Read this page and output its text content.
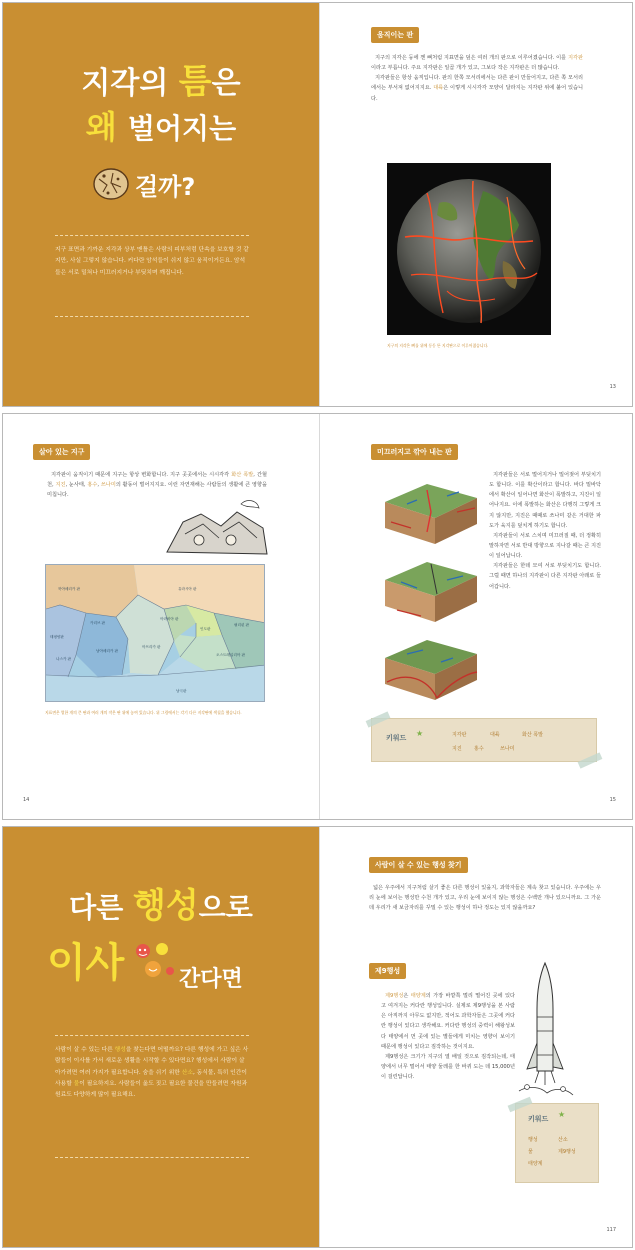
지각의 틈은
왜 벌어지는
걸까?
지구 표면과 기까운 지각과 상부 맨틀은 사람의 피부처럼 단속을 보호할 것 같지만, 사실 그렇지 않습니다. 커다란 암석들이 쉬지 않고 움직이거든요. 암석들은 서로 밀쳐나 미끄러지거나 부딪치며 깨집니다.
움직이는 판

지구의 지각은 둥에 껜 뼈처럼 지표면을 덮은 여러 개의 판으로 이루어졌습니다. 이를 지각판이라고 부릅니다. 주요 지각판은 일곱 개가 있고, 그보다 작은 지각판은 더 많습니다.

지각판들은 항상 움직입니다. 판의 한쪽 모서리에서는 다른 판이 만들어지고, 다른 쪽 모서리에서는 부서져 없어지지요. 대륙은 이렇게 시시각각 모양이 달라지는 지각판 위에 붙어 있습니다.

지구의 지각은 뼈를 위에 동동 뜬 지각판으로 이루어졌습니다.
13
살아 있는 지구

지각판이 움직이기 때문에 지구는 항상 변화합니다. 지구 곳곳에서는 시시각각 화산 폭발, 간헐천, 지진, 눈사태, 홍수, 쓰나미의 활동이 벌어지지요. 이런 자연재해는 사람들의 생활에 큰 영향을 미칩니다.

북아메리카 판	유라시아 판
태평양판
카리브 판
아라비아 판
인도판
필리핀 판
나스카 판
남아메리카 판
아프리카 판
오스트레일리아 판
남극판
지표면은 열한 개의 큰 판과 여러 개의 작은 판 위에 놓여 있습니다. 위 그림에서는 각기 다른 지각판에 색칠을 했습니다.
14
미끄러지고 깎아 내는 판

지각판들은 서로 멀어지거나 밀어젖어 부딪치기도 합니다. 이를 확산이라고 합니다. 바다 밑바닥에서 확산이 일어나면 화산이 폭발하고, 지진이 일어나지요. 이에 폭발하는 화산은 다행히 그렇게 크지 않지만, 지진은 때때로 쓰나미 같은 거대한 파도가 육지를 덮치게 하기도 합니다.

지각판들이 서로 스치며 미끄러질 때, 더 정확히 말하자면 서로 반대 방향으로 지나갈 때는 큰 지진이 일어납니다.

지각판들은 한데 모여 서로 부딪치기도 합니다. 그럴 때면 하나의 지각판이 다른 지각판 아래로 들어갑니다.

키워드 ★	지각판	대륙	화산 폭발
지진 홍수	쓰나미
15
다른 행성으로
이사	간다면
사람이 살 수 있는 다른 행성을 찾는다면 어떨까요? 다른 행성에 가고 싶은 사람들이 이사를 가서 새로운 생활을 시작할 수 있다면요? 행성에서 사람이 살아가려면 여러 가지가 필요합니다. 숨을 쉬기 위한 산소, 동식물, 특히 인간이 사용할 물이 필요하지요. 사람들이 옮도 짓고 필요한 물건을 만들려면 자원과 원료도 다양하게 많이 필요해요.
사람이 살 수 있는 행성 찾기

넓은 우주에서 지구처럼 살기 좋은 다른 행성이 있을지, 과학자들은 계속 찾고 있습니다. 우주에는 우리 눈에 보이는 행성만 수천 개가 있고, 우리 눈에 보이지 않는 행성은 수백만 개나 있으니까요. 그 가운데 우리가 새 보금자리를 꾸밀 수 있는 행성이 하나 정도는 있지 않을까요?

제9행성

제9행성은 태양계의 가장 바깥쪽 멀리 떨어진 곳에 있다고 여겨지는 커다란 행성입니다. 실제로 제9행성을 본 사람은 아직까지 아무도 없지만, 적어도 과학자들은 그곳에 커다란 행성이 있다고 생각해요. 커다란 행성의 중력이 해왕성보다 태양에서 먼 곳에 있는 별들에게 미치는 영향이 보이기 때문에 행성이 있다고 짐작하는 것이지요.

제9행성은 크기가 지구의 열 배일 것으로 짐작되는데, 태양에서 너무 멀어서 태양 둘레를 한 바퀴 도는 데 15,000년이 걸린답니다.

키워드 ★
행성	산소
물	제9행성
태양계
117
